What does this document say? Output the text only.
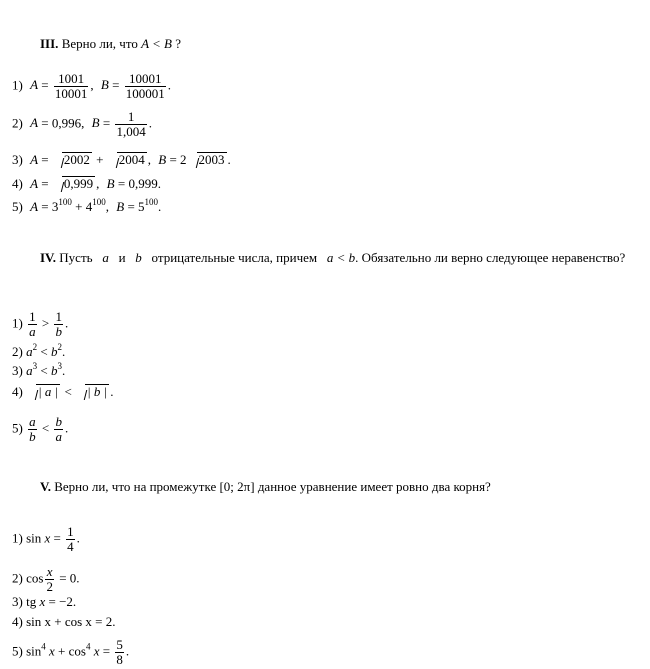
III. Верно ли, что A < B ?
1) $A = \frac{1001}{10001}$ , $B = \frac{10001}{100001}$ .
2) A = 0,996, $B = \frac{1}{1,004}$ .
3) A = 2002 + 2004 , B = 2 2003 .
4) A = 0,999 , B = 0,999.
5) $A = 3^{100} + 4^{100}$, $B = 5^{100}$.
IV. Пусть a и b отрицательные числа, причем a < b. Обязательно ли верно следующее неравенство?
$1) \frac{1}{a} > \frac{1}{b}$ .
2) $a^2 < b^2$.
3) $a^3 < b^3$.
4) | a | < | b | .
$5) \frac{a}{b} < \frac{b}{a}$ .
V. Верно ли, что на промежутке [0; 2π] данное уравнение имеет ровно два корня?
1) $\sin x = \frac{1}{4}$ .
2) $\cos \frac{x}{2} = 0$.
3) tg x = −2.
4) sin x + cos x = 2.
5) $\sin^4 x + \cos^4 x = \frac{5}{8}$ .
